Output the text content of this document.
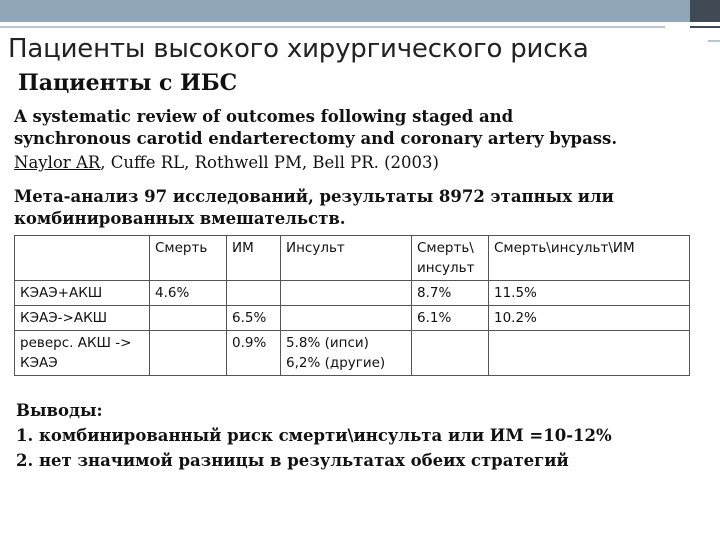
Пациенты высокого хирургического риска
Пациенты с ИБС
A systematic review of outcomes following staged and
synchronous carotid endarterectomy and coronary artery bypass.
Naylor AR, Cuffe RL, Rothwell PM, Bell PR. (2003)
Мета-анализ 97 исследований, результаты 8972 этапных или
комбинированных вмешательств.
	Смерть	ИМ	Инсульт	Смерть\ инсульт	Смерть\инсульт\ИМ
КЭАЭ+АКШ	4.6%			8.7%	11.5%
КЭАЭ->АКШ		6.5%		6.1%	10.2%
реверс. АКШ -> КЭАЭ		0.9%	5.8% (ипси) 6,2% (другие)		
Выводы:
1. комбинированный риск смерти\инсульта или ИМ =10-12%
2. нет значимой разницы в результатах обеих стратегий
